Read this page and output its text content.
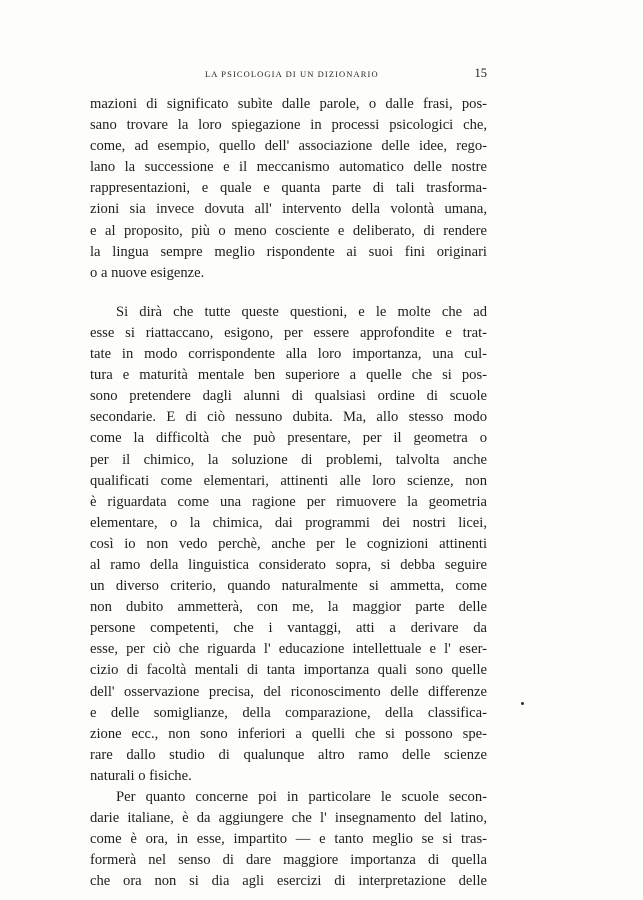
LA PSICOLOGIA DI UN DIZIONARIO	15
mazioni di significato subìte dalle parole, o dalle frasi, pos-
sano trovare la loro spiegazione in processi psicologici che,
come, ad esempio, quello dell' associazione delle idee, rego-
lano la successione e il meccanismo automatico delle nostre
rappresentazioni, e quale e quanta parte di tali trasforma-
zioni sia invece dovuta all' intervento della volontà umana,
e al proposito, più o meno cosciente e deliberato, di rendere
la lingua sempre meglio rispondente ai suoi fini originari
o a nuove esigenze.
Si dirà che tutte queste questioni, e le molte che ad
esse si riattaccano, esigono, per essere approfondite e trat-
tate in modo corrispondente alla loro importanza, una cul-
tura e maturità mentale ben superiore a quelle che si pos-
sono pretendere dagli alunni di qualsiasi ordine di scuole
secondarie. E di ciò nessuno dubita. Ma, allo stesso modo
come la difficoltà che può presentare, per il geometra o
per il chimico, la soluzione di problemi, talvolta anche
qualificati come elementari, attinenti alle loro scienze, non
è riguardata come una ragione per rimuovere la geometria
elementare, o la chimica, dai programmi dei nostri licei,
così io non vedo perchè, anche per le cognizioni attinenti
al ramo della linguistica considerato sopra, si debba seguire
un diverso criterio, quando naturalmente si ammetta, come
non dubito ammetterà, con me, la maggior parte delle
persone competenti, che i vantaggi, atti a derivare da
esse, per ciò che riguarda l' educazione intellettuale e l' eser-
cizio di facoltà mentali di tanta importanza quali sono quelle
dell' osservazione precisa, del riconoscimento delle differenze
e delle somiglianze, della comparazione, della classifica-
zione ecc., non sono inferiori a quelli che si possono spe-
rare dallo studio di qualunque altro ramo delle scienze
naturali o fisiche.
Per quanto concerne poi in particolare le scuole secon-
darie italiane, è da aggiungere che l' insegnamento del latino,
come è ora, in esse, impartito — e tanto meglio se si tras-
formerà nel senso di dare maggiore importanza di quella
che ora non si dia agli esercizi di interpretazione delle
